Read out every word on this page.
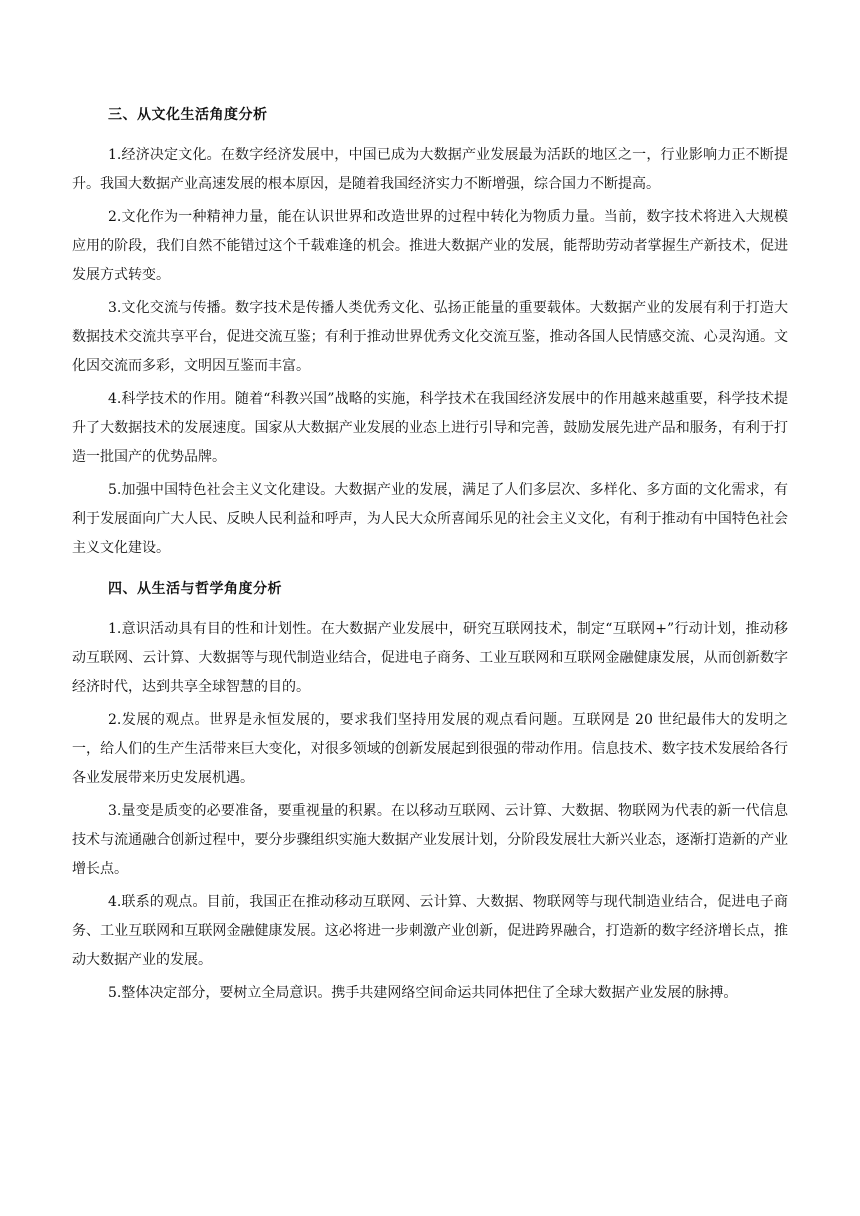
三、从文化生活角度分析

1.经济决定文化。在数字经济发展中，中国已成为大数据产业发展最为活跃的地区之一，行业影响力正不断提升。我国大数据产业高速发展的根本原因，是随着我国经济实力不断增强，综合国力不断提高。

2.文化作为一种精神力量，能在认识世界和改造世界的过程中转化为物质力量。当前，数字技术将进入大规模应用的阶段，我们自然不能错过这个千载难逢的机会。推进大数据产业的发展，能帮助劳动者掌握生产新技术，促进发展方式转变。

3.文化交流与传播。数字技术是传播人类优秀文化、弘扬正能量的重要载体。大数据产业的发展有利于打造大数据技术交流共享平台，促进交流互鉴；有利于推动世界优秀文化交流互鉴，推动各国人民情感交流、心灵沟通。文化因交流而多彩，文明因互鉴而丰富。

4.科学技术的作用。随着“科教兴国”战略的实施，科学技术在我国经济发展中的作用越来越重要，科学技术提升了大数据技术的发展速度。国家从大数据产业发展的业态上进行引导和完善，鼓励发展先进产品和服务，有利于打造一批国产的优势品牌。

5.加强中国特色社会主义文化建设。大数据产业的发展，满足了人们多层次、多样化、多方面的文化需求，有利于发展面向广大人民、反映人民利益和呼声，为人民大众所喜闻乐见的社会主义文化，有利于推动有中国特色社会主义文化建设。

四、从生活与哲学角度分析

1.意识活动具有目的性和计划性。在大数据产业发展中，研究互联网技术，制定“互联网+”行动计划，推动移动互联网、云计算、大数据等与现代制造业结合，促进电子商务、工业互联网和互联网金融健康发展，从而创新数字经济时代，达到共享全球智慧的目的。

2.发展的观点。世界是永恒发展的，要求我们坚持用发展的观点看问题。互联网是 20 世纪最伟大的发明之一，给人们的生产生活带来巨大变化，对很多领域的创新发展起到很强的带动作用。信息技术、数字技术发展给各行各业发展带来历史发展机遇。

3.量变是质变的必要准备，要重视量的积累。在以移动互联网、云计算、大数据、物联网为代表的新一代信息技术与流通融合创新过程中，要分步骤组织实施大数据产业发展计划，分阶段发展壮大新兴业态，逐渐打造新的产业增长点。

4.联系的观点。目前，我国正在推动移动互联网、云计算、大数据、物联网等与现代制造业结合，促进电子商务、工业互联网和互联网金融健康发展。这必将进一步刺激产业创新，促进跨界融合，打造新的数字经济增长点，推动大数据产业的发展。

5.整体决定部分，要树立全局意识。携手共建网络空间命运共同体把住了全球大数据产业发展的脉搏。
